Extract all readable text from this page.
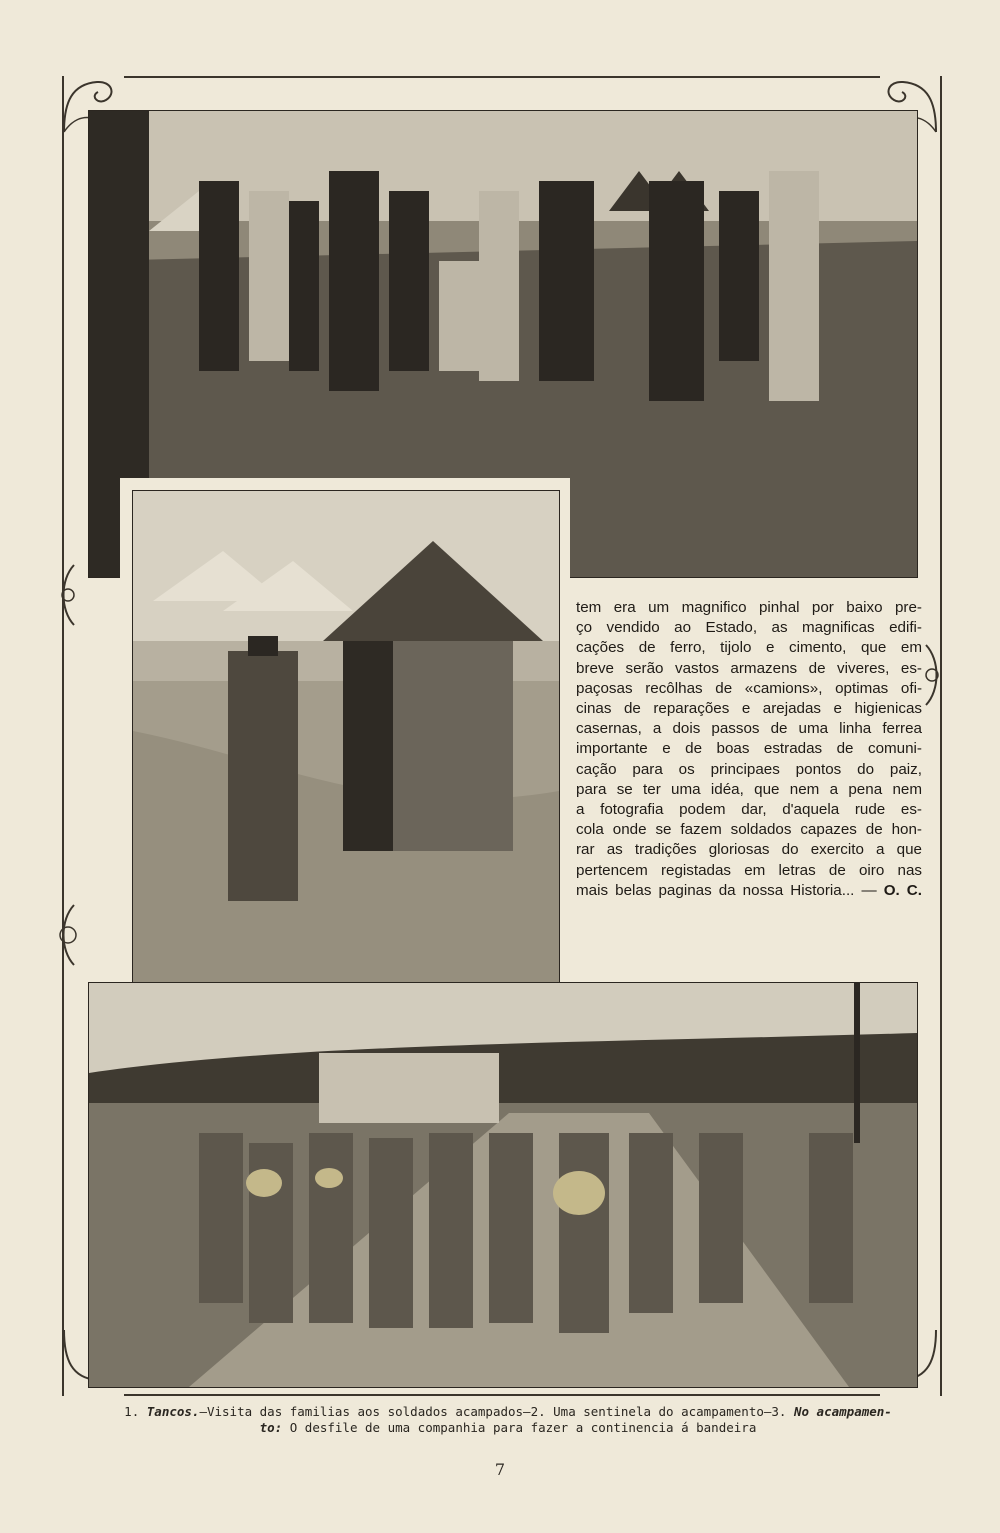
tem era um magnifico pinhal por baixo pre-
ço vendido ao Estado, as magnificas edifi-
cações de ferro, tijolo e cimento, que em
breve serão vastos armazens de viveres, es-
paçosas recôlhas de «camions», optimas ofi-
cinas de reparações e arejadas e higienicas
casernas, a dois passos de uma linha ferrea
importante e de boas estradas de comuni-
cação para os principaes pontos do paiz,
para se ter uma idéa, que nem a pena nem
a fotografia podem dar, d'aquela rude es-
cola onde se fazem soldados capazes de hon-
rar as tradições gloriosas do exercito a que
pertencem registadas em letras de oiro nas
mais belas paginas da nossa Historia... — O. C.
1. Tancos.—Visita das familias aos soldados acampados—2. Uma sentinela do acampamento—3. No acampamen-
to: O desfile de uma companhia para fazer a continencia á bandeira
7
